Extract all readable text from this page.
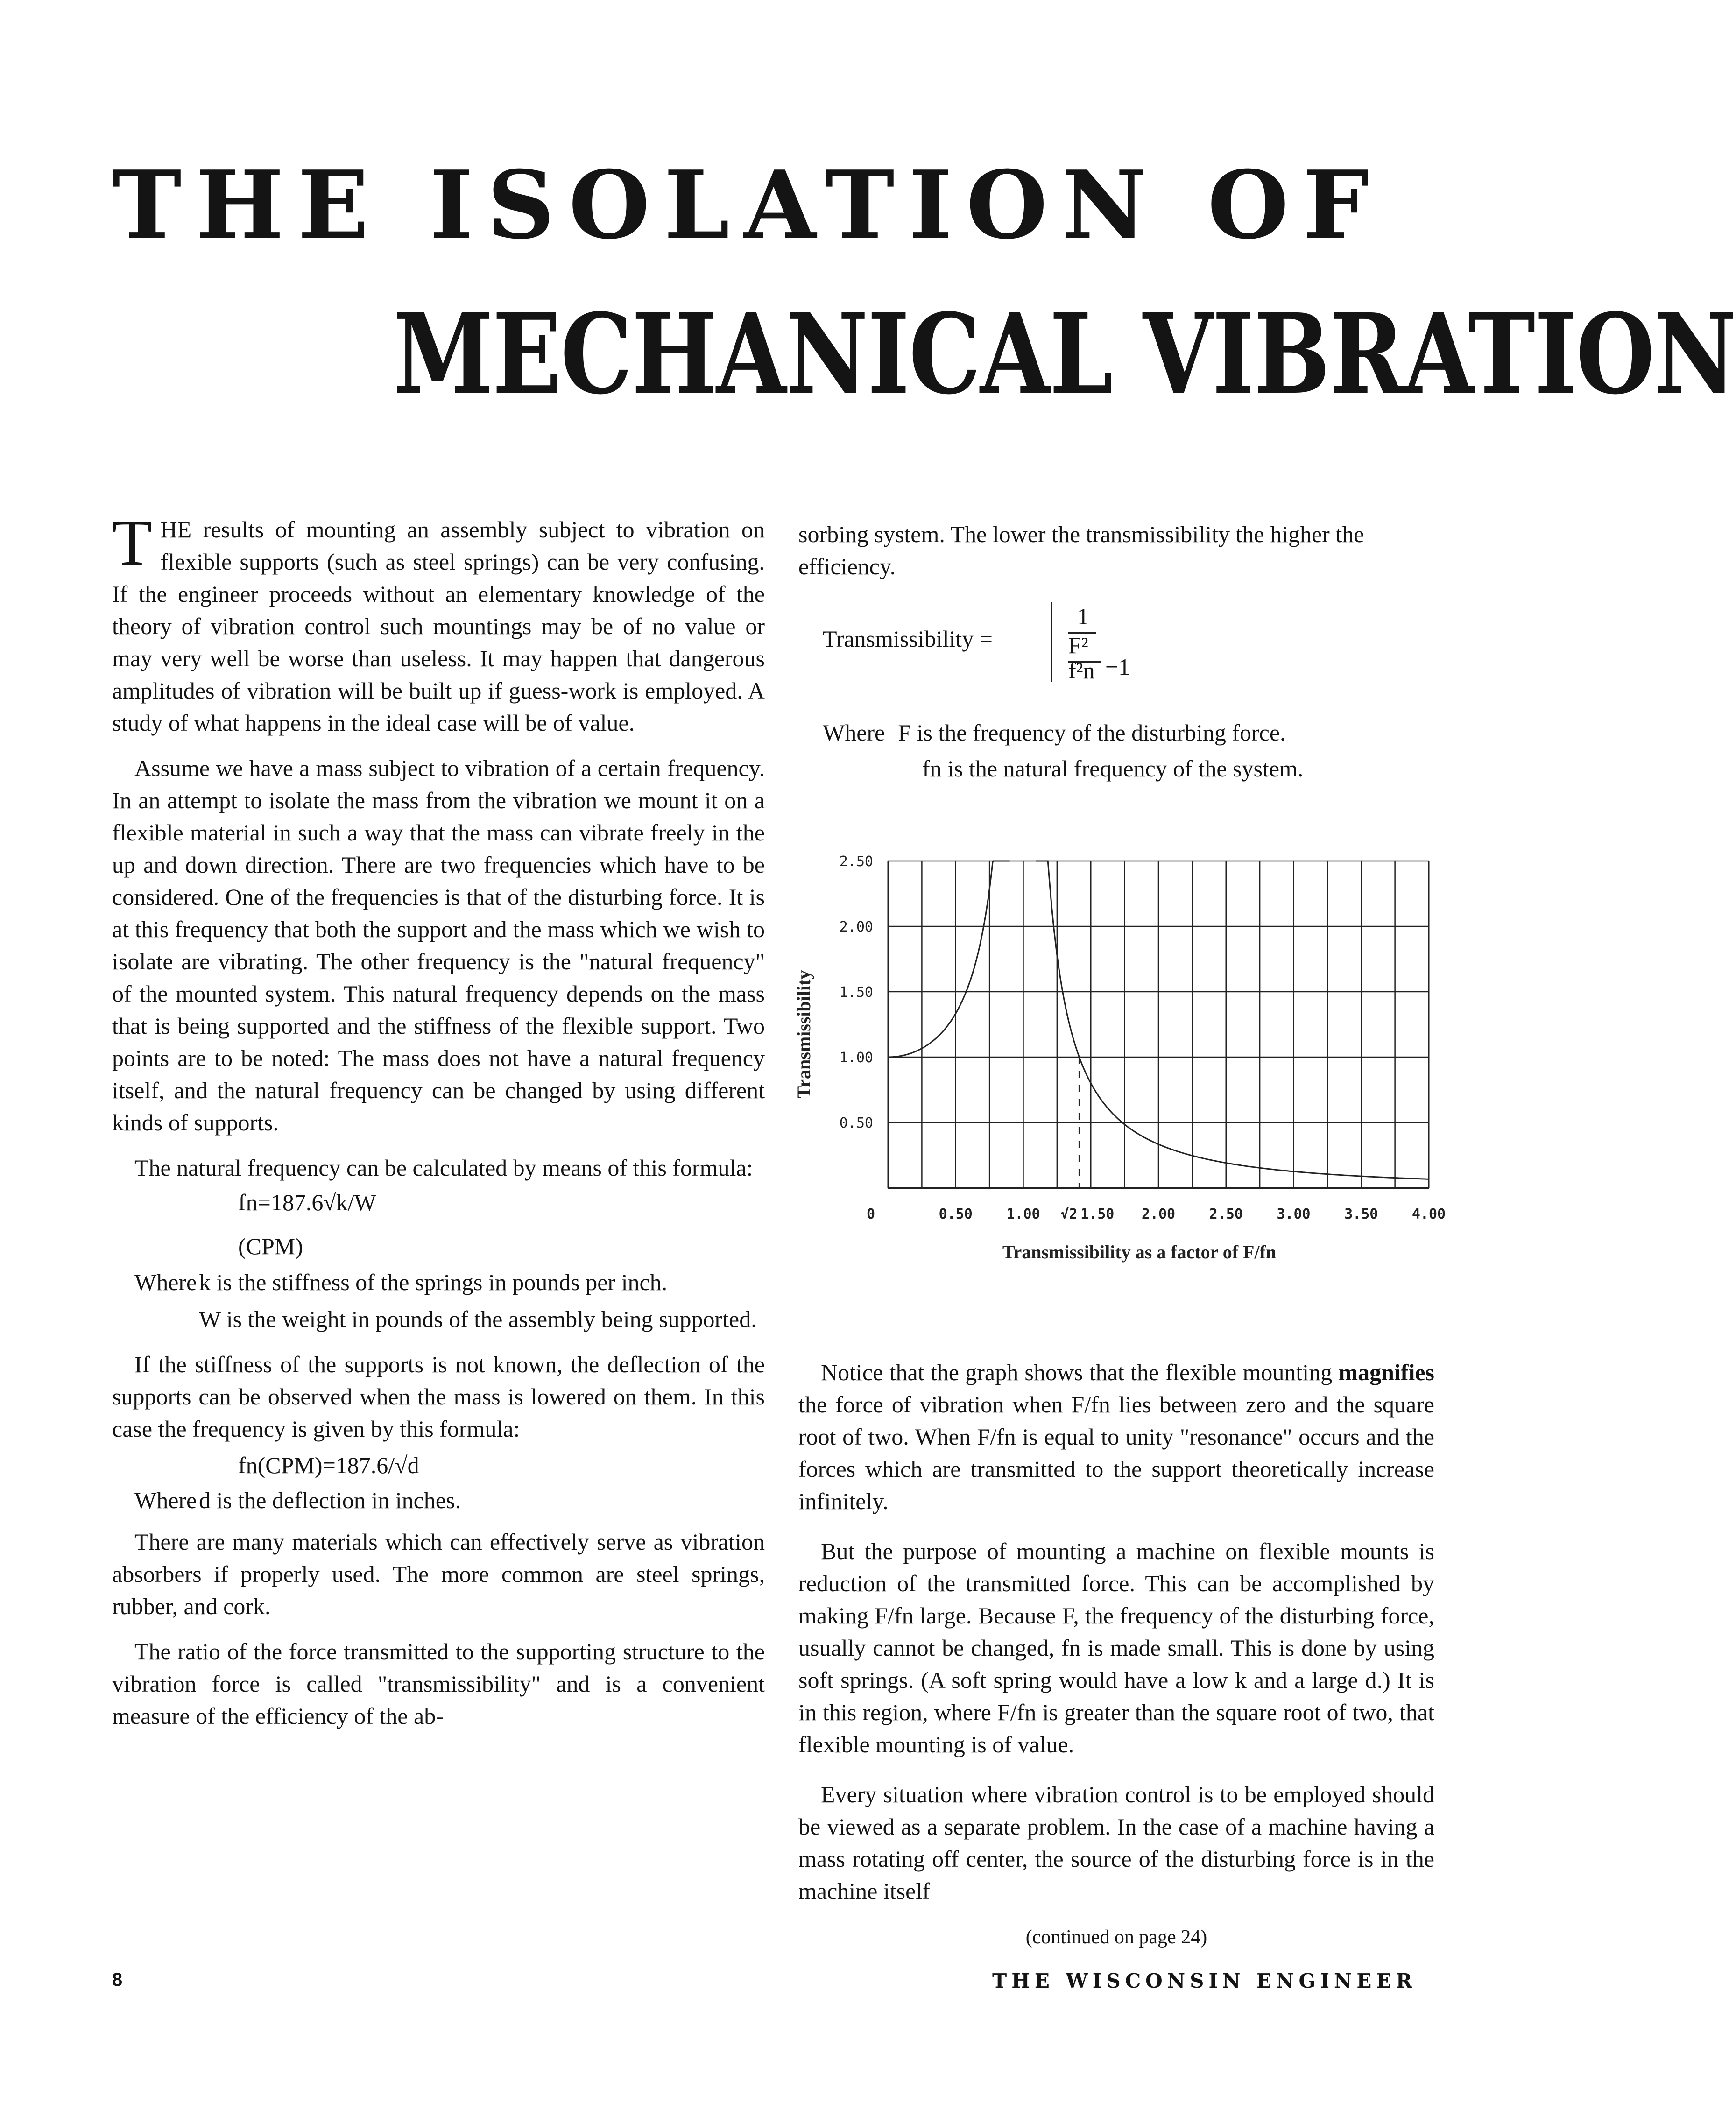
THE ISOLATION OF
MECHANICAL VIBRATION

THE results of mounting an assembly subject to vibration on flexible supports (such as steel springs) can be very confusing. If the engineer proceeds without an elementary knowledge of the theory of vibration control such mountings may be of no value or may very well be worse than useless. It may happen that dangerous amplitudes of vibration will be built up if guess-work is employed. A study of what happens in the ideal case will be of value.

Assume we have a mass subject to vibration of a certain frequency. In an attempt to isolate the mass from the vibration we mount it on a flexible material in such a way that the mass can vibrate freely in the up and down direction. There are two frequencies which have to be considered. One of the frequencies is that of the disturbing force. It is at this frequency that both the support and the mass which we wish to isolate are vibrating. The other frequency is the "natural frequency" of the mounted system. This natural frequency depends on the mass that is being supported and the stiffness of the flexible support. Two points are to be noted: The mass does not have a natural frequency itself, and the natural frequency can be changed by using different kinds of supports.

The natural frequency can be calculated by means of this formula:

fn=187.6√k/W

(CPM)

Where k is the stiffness of the springs in pounds per inch.

W is the weight in pounds of the assembly being supported.

If the stiffness of the supports is not known, the deflection of the supports can be observed when the mass is lowered on them. In this case the frequency is given by this formula:

fn(CPM)=187.6/√d

Where d is the deflection in inches.

There are many materials which can effectively serve as vibration absorbers if properly used. The more common are steel springs, rubber, and cork.

The ratio of the force transmitted to the supporting structure to the vibration force is called "transmissibility" and is a convenient measure of the efficiency of the ab-

sorbing system. The lower the transmissibility the higher the efficiency.
Transmissibility =
1
F²
f²n −1
Where F is the frequency of the disturbing force.
fn is the natural frequency of the system.
2.50
2.00
1.50
1.00
0.50
0	0.50 1.00 √2 1.50 2.00 2.50 3.00 3.50 4.00
Transmissibility
Transmissibility as a factor of F/fn

Notice that the graph shows that the flexible mounting magnifies the force of vibration when F/fn lies between zero and the square root of two. When F/fn is equal to unity "resonance" occurs and the forces which are transmitted to the support theoretically increase infinitely.

But the purpose of mounting a machine on flexible mounts is reduction of the transmitted force. This can be accomplished by making F/fn large. Because F, the frequency of the disturbing force, usually cannot be changed, fn is made small. This is done by using soft springs. (A soft spring would have a low k and a large d.) It is in this region, where F/fn is greater than the square root of two, that flexible mounting is of value.

Every situation where vibration control is to be employed should be viewed as a separate problem. In the case of a machine having a mass rotating off center, the source of the disturbing force is in the machine itself

(continued on page 24)

8	THE WISCONSIN ENGINEER
